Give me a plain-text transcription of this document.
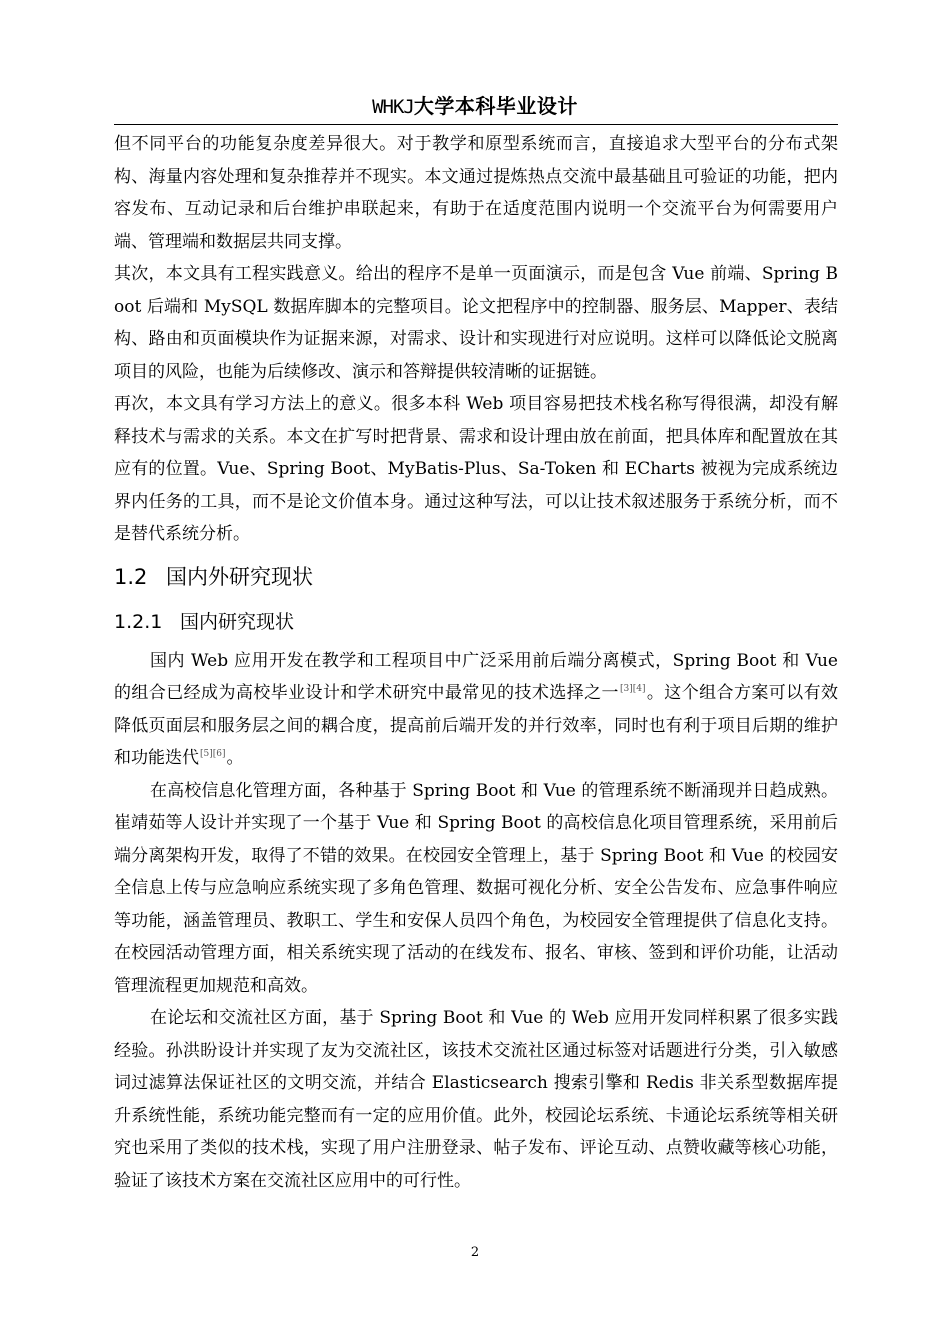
WHKJ大学本科毕业设计

但不同平台的功能复杂度差异很大。对于教学和原型系统而言，直接追求大型平台的分布式架构、海量内容处理和复杂推荐并不现实。本文通过提炼热点交流中最基础且可验证的功能，把内容发布、互动记录和后台维护串联起来，有助于在适度范围内说明一个交流平台为何需要用户端、管理端和数据层共同支撑。

其次，本文具有工程实践意义。给出的程序不是单一页面演示，而是包含 Vue 前端、Spring Boot 后端和 MySQL 数据库脚本的完整项目。论文把程序中的控制器、服务层、Mapper、表结构、路由和页面模块作为证据来源，对需求、设计和实现进行对应说明。这样可以降低论文脱离项目的风险，也能为后续修改、演示和答辩提供较清晰的证据链。

再次，本文具有学习方法上的意义。很多本科 Web 项目容易把技术栈名称写得很满，却没有解释技术与需求的关系。本文在扩写时把背景、需求和设计理由放在前面，把具体库和配置放在其应有的位置。Vue、Spring Boot、MyBatis-Plus、Sa-Token 和 ECharts 被视为完成系统边界内任务的工具，而不是论文价值本身。通过这种写法，可以让技术叙述服务于系统分析，而不是替代系统分析。

1.2 国内外研究现状
1.2.1 国内研究现状

国内 Web 应用开发在教学和工程项目中广泛采用前后端分离模式，Spring Boot 和 Vue 的组合已经成为高校毕业设计和学术研究中最常见的技术选择之一[3][4]。这个组合方案可以有效降低页面层和服务层之间的耦合度，提高前后端开发的并行效率，同时也有利于项目后期的维护和功能迭代[5][6]。

在高校信息化管理方面，各种基于 Spring Boot 和 Vue 的管理系统不断涌现并日趋成熟。崔靖茹等人设计并实现了一个基于 Vue 和 Spring Boot 的高校信息化项目管理系统，采用前后端分离架构开发，取得了不错的效果。在校园安全管理上，基于 Spring Boot 和 Vue 的校园安全信息上传与应急响应系统实现了多角色管理、数据可视化分析、安全公告发布、应急事件响应等功能，涵盖管理员、教职工、学生和安保人员四个角色，为校园安全管理提供了信息化支持。在校园活动管理方面，相关系统实现了活动的在线发布、报名、审核、签到和评价功能，让活动管理流程更加规范和高效。

在论坛和交流社区方面，基于 Spring Boot 和 Vue 的 Web 应用开发同样积累了很多实践经验。孙洪盼设计并实现了友为交流社区，该技术交流社区通过标签对话题进行分类，引入敏感词过滤算法保证社区的文明交流，并结合 Elasticsearch 搜索引擎和 Redis 非关系型数据库提升系统性能，系统功能完整而有一定的应用价值。此外，校园论坛系统、卡通论坛系统等相关研究也采用了类似的技术栈，实现了用户注册登录、帖子发布、评论互动、点赞收藏等核心功能，验证了该技术方案在交流社区应用中的可行性。

2
